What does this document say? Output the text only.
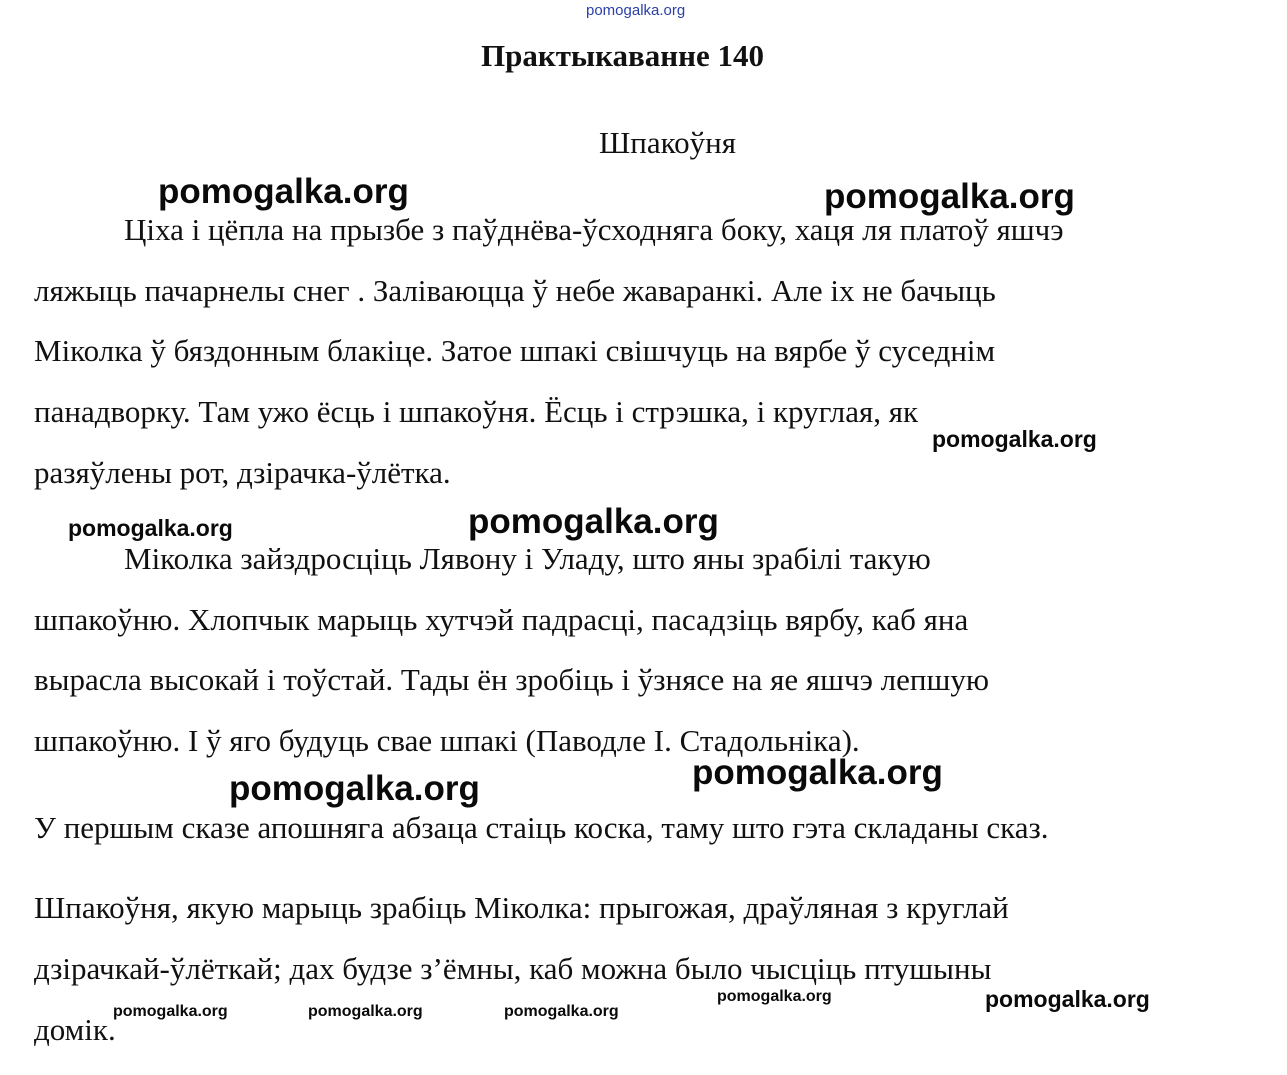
pomogalka.org
Практыкаванне 140
Шпакоўня
Ціха і цёпла на прызбе з паўднёва-ўсходняга боку, хаця ля платоў яшчэ
ляжыць пачарнелы снег . Заліваюцца ў небе жаваранкі. Але іх не бачыць
Міколка ў бяздонным блакіце. Затое шпакі свішчуць на вярбе ў суседнім
панадворку. Там ужо ёсць і шпакоўня. Ёсць і стрэшка, і круглая, як
разяўлены рот, дзірачка-ўлётка.
Міколка зайздросціць Лявону і Уладу, што яны зрабілі такую
шпакоўню. Хлопчык марыць хутчэй падрасці, пасадзіць вярбу, каб яна
вырасла высокай і тоўстай. Тады ён зробіць і ўзнясе на яе яшчэ лепшую
шпакоўню. І ў яго будуць свае шпакі (Паводле І. Стадольніка).
У першым сказе апошняга абзаца стаіць коска, таму што гэта складаны сказ.
Шпакоўня, якую марыць зрабіць Міколка: прыгожая, драўляная з круглай
дзірачкай-ўлёткай; дах будзе з’ёмны, каб можна было чысціць птушыны
домік.
pomogalka.org	pomogalka.org
pomogalka.org
pomogalka.org	pomogalka.org
pomogalka.org
pomogalka.org
pomogalka.org	pomogalka.org	pomogalka.org
pomogalka.org	pomogalka.org
